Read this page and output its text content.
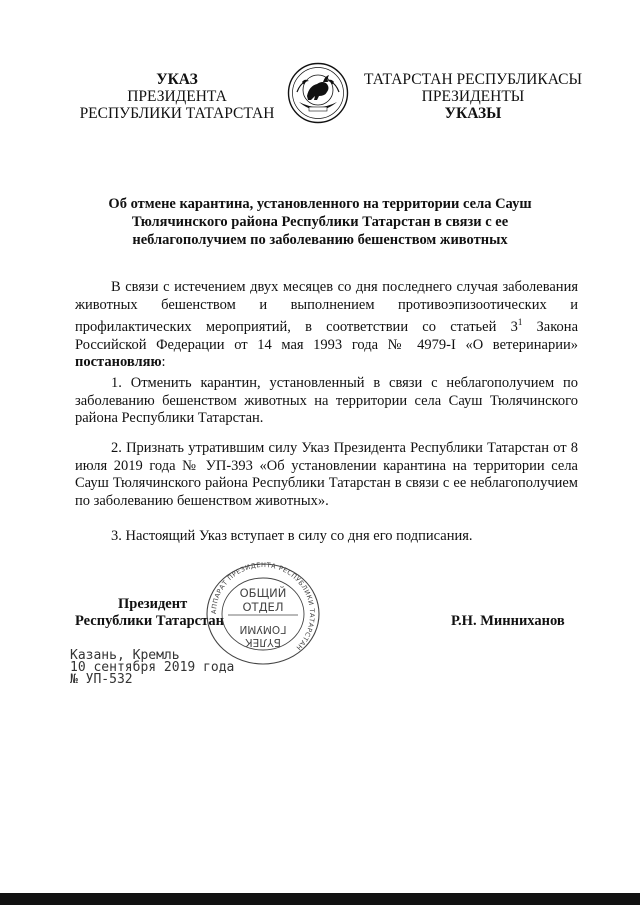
УКАЗ
ПРЕЗИДЕНТА
РЕСПУБЛИКИ ТАТАРСТАН
ТАТАРСТАН РЕСПУБЛИКАСЫ
ПРЕЗИДЕНТЫ
УКАЗЫ
Об отмене карантина, установленного на территории села Сауш Тюлячинского района Республики Татарстан в связи с ее неблагополучием по заболеванию бешенством животных

В связи с истечением двух месяцев со дня последнего случая заболевания животных бешенством и выполнением противоэпизоотических и профилактических мероприятий, в соответствии со статьей $3^1$ Закона Российской Федерации от 14 мая 1993 года № 4979-I «О ветеринарии» постановляю:

1. Отменить карантин, установленный в связи с неблагополучием по заболеванию бешенством животных на территории села Сауш Тюлячинского района Республики Татарстан.

2. Признать утратившим силу Указ Президента Республики Татарстан от 8 июля 2019 года № УП-393 «Об установлении карантина на территории села Сауш Тюлячинского района Республики Татарстан в связи с ее неблагополучием по заболеванию бешенством животных».

3. Настоящий Указ вступает в силу со дня его подписания.

Президент
Республики Татарстан
АППАРАТ ПРЕЗИДЕНТА РЕСПУБЛИКИ ТАТАРСТАН
ОБЩИЙ
ОТДЕЛ
ГОМУМИ
БҮЛЕК
Р.Н. Минниханов
Казань, Кремль
10 сентября 2019 года
№ УП-532
